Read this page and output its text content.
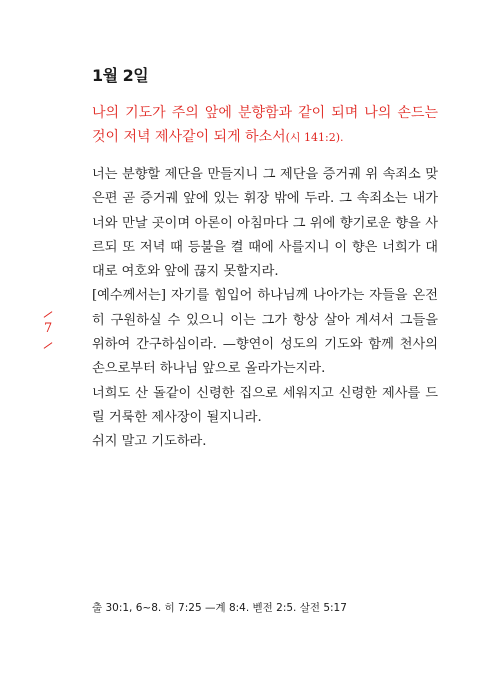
1월 2일
나의 기도가 주의 앞에 분향함과 같이 되며 나의 손드는 것이 저녁 제사같이 되게 하소서(시 141:2).

너는 분향할 제단을 만들지니 그 제단을 증거궤 위 속죄소 맞은편 곧 증거궤 앞에 있는 휘장 밖에 두라. 그 속죄소는 내가 너와 만날 곳이며 아론이 아침마다 그 위에 향기로운 향을 사르되 또 저녁 때 등불을 켤 때에 사를지니 이 향은 너희가 대대로 여호와 앞에 끊지 못할지라.

[예수께서는] 자기를 힘입어 하나님께 나아가는 자들을 온전히 구원하실 수 있으니 이는 그가 항상 살아 계셔서 그들을 위하여 간구하심이라. —향연이 성도의 기도와 함께 천사의 손으로부터 하나님 앞으로 올라가는지라.

너희도 산 돌같이 신령한 집으로 세워지고 신령한 제사를 드릴 거룩한 제사장이 될지니라.

쉬지 말고 기도하라.

7
출 30:1, 6~8. 히 7:25 —계 8:4. 벧전 2:5. 살전 5:17
